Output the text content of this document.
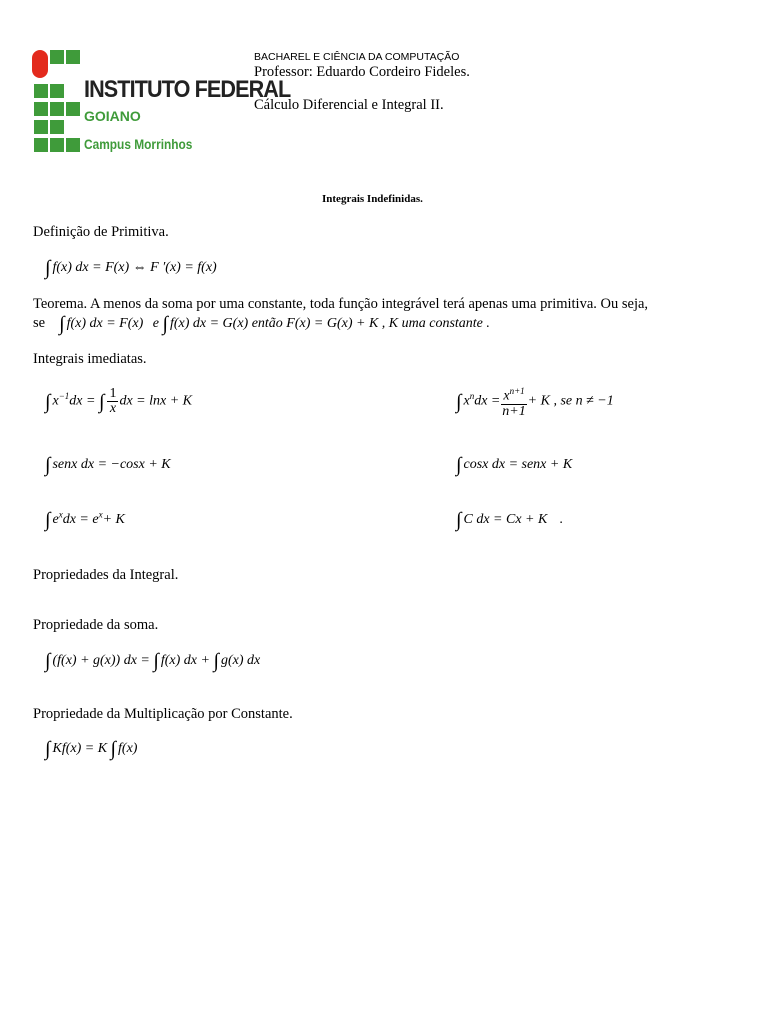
INSTITUTO FEDERAL
GOIANO
Campus Morrinhos
BACHAREL E CIÊNCIA DA COMPUTAÇÃO
Professor: Eduardo Cordeiro Fideles.
Cálculo Diferencial e Integral II.
Integrais Indefinidas.
Definição de Primitiva.
∫ f(x) dx = F(x) ⇔ F ′(x) = f(x)
Teorema. A menos da soma por uma constante, toda função integrável terá apenas uma primitiva. Ou seja,
se ∫ f(x) dx = F(x) e ∫ f(x) dx = G(x) então F(x) = G(x) + K , K uma constante .
Integrais imediatas.
∫ $x^{-1}dx$ = ∫ $\frac{1}{x}$ dx = lnx + K	∫ $x^ndx = \frac{x^{n+1}}{n+1} + K$ , se n ≠ −1
∫ senx dx = −cosx + K	∫ cosx dx = senx + K
∫ $e^xdx = e^x+ K$	∫ C dx = Cx + K .
Propriedades da Integral.
Propriedade da soma.
∫ (f(x) + g(x)) dx = ∫ f(x) dx + ∫ g(x) dx
Propriedade da Multiplicação por Constante.
∫ Kf(x) = K ∫ f(x)
